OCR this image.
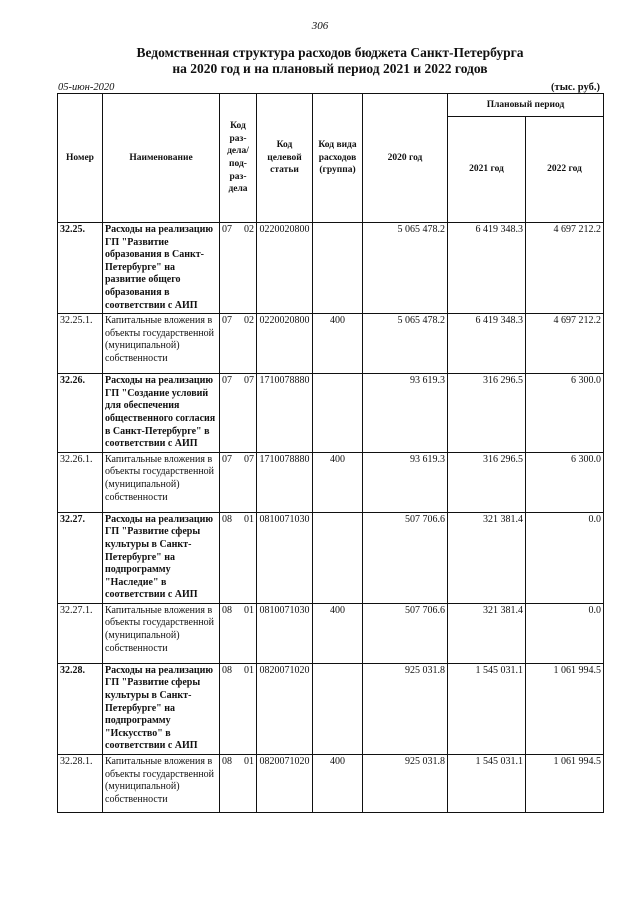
306
Ведомственная структура расходов бюджета Санкт-Петербурга
на 2020 год и на плановый период 2021 и 2022 годов
05-июн-2020	(тыс. руб.)
Номер	Наименование	Код раз-дела/ под-раз-дела	Код целевой статьи	Код вида расходов (группа)	2020 год	Плановый период	
						2021 год	2022 год
32.25.	Расходы на реализацию ГП "Развитие образования в Санкт-Петербурге" на развитие общего образования в соответствии с АИП	07 02	0220020800		5 065 478.2	6 419 348.3	4 697 212.2
32.25.1.	Капитальные вложения в объекты государственной (муниципальной) собственности	07 02	0220020800	400	5 065 478.2	6 419 348.3	4 697 212.2
32.26.	Расходы на реализацию ГП "Создание условий для обеспечения общественного согласия в Санкт-Петербурге" в соответствии с АИП	07 07	1710078880		93 619.3	316 296.5	6 300.0
32.26.1.	Капитальные вложения в объекты государственной (муниципальной) собственности	07 07	1710078880	400	93 619.3	316 296.5	6 300.0
32.27.	Расходы на реализацию ГП "Развитие сферы культуры в Санкт-Петербурге" на подпрограмму "Наследие" в соответствии с АИП	08 01	0810071030		507 706.6	321 381.4	0.0
32.27.1.	Капитальные вложения в объекты государственной (муниципальной) собственности	08 01	0810071030	400	507 706.6	321 381.4	0.0
32.28.	Расходы на реализацию ГП "Развитие сферы культуры в Санкт-Петербурге" на подпрограмму "Искусство" в соответствии с АИП	08 01	0820071020		925 031.8	1 545 031.1	1 061 994.5
32.28.1.	Капитальные вложения в объекты государственной (муниципальной) собственности	08 01	0820071020	400	925 031.8	1 545 031.1	1 061 994.5
